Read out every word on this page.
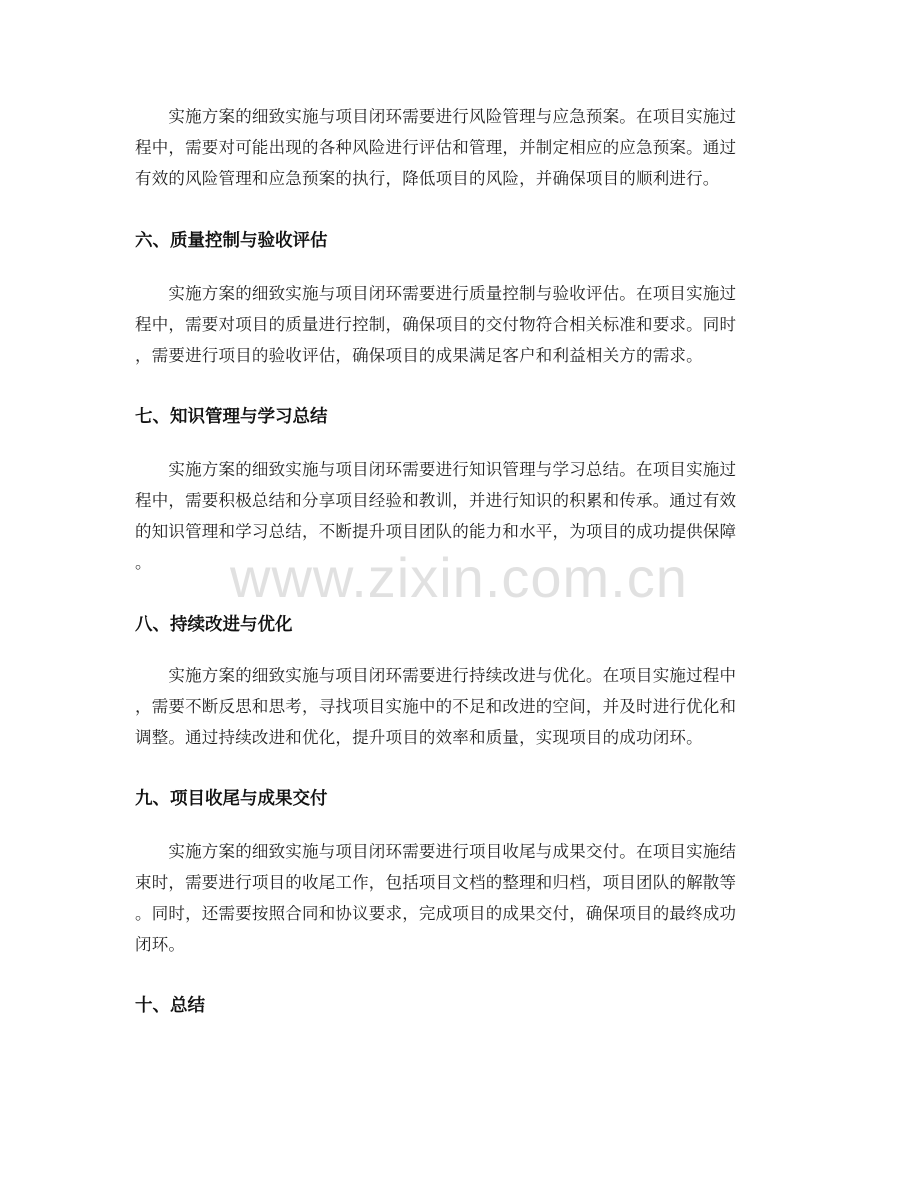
　　实施方案的细致实施与项目闭环需要进行风险管理与应急预案。在项目实施过
程中，需要对可能出现的各种风险进行评估和管理，并制定相应的应急预案。通过
有效的风险管理和应急预案的执行，降低项目的风险，并确保项目的顺利进行。

六、质量控制与验收评估

　　实施方案的细致实施与项目闭环需要进行质量控制与验收评估。在项目实施过
程中，需要对项目的质量进行控制，确保项目的交付物符合相关标准和要求。同时
，需要进行项目的验收评估，确保项目的成果满足客户和利益相关方的需求。

七、知识管理与学习总结

　　实施方案的细致实施与项目闭环需要进行知识管理与学习总结。在项目实施过
程中，需要积极总结和分享项目经验和教训，并进行知识的积累和传承。通过有效
的知识管理和学习总结，不断提升项目团队的能力和水平，为项目的成功提供保障
。

八、持续改进与优化

　　实施方案的细致实施与项目闭环需要进行持续改进与优化。在项目实施过程中
，需要不断反思和思考，寻找项目实施中的不足和改进的空间，并及时进行优化和
调整。通过持续改进和优化，提升项目的效率和质量，实现项目的成功闭环。

九、项目收尾与成果交付

　　实施方案的细致实施与项目闭环需要进行项目收尾与成果交付。在项目实施结
束时，需要进行项目的收尾工作，包括项目文档的整理和归档，项目团队的解散等
。同时，还需要按照合同和协议要求，完成项目的成果交付，确保项目的最终成功
闭环。

十、总结
www.zixin.com.cn
